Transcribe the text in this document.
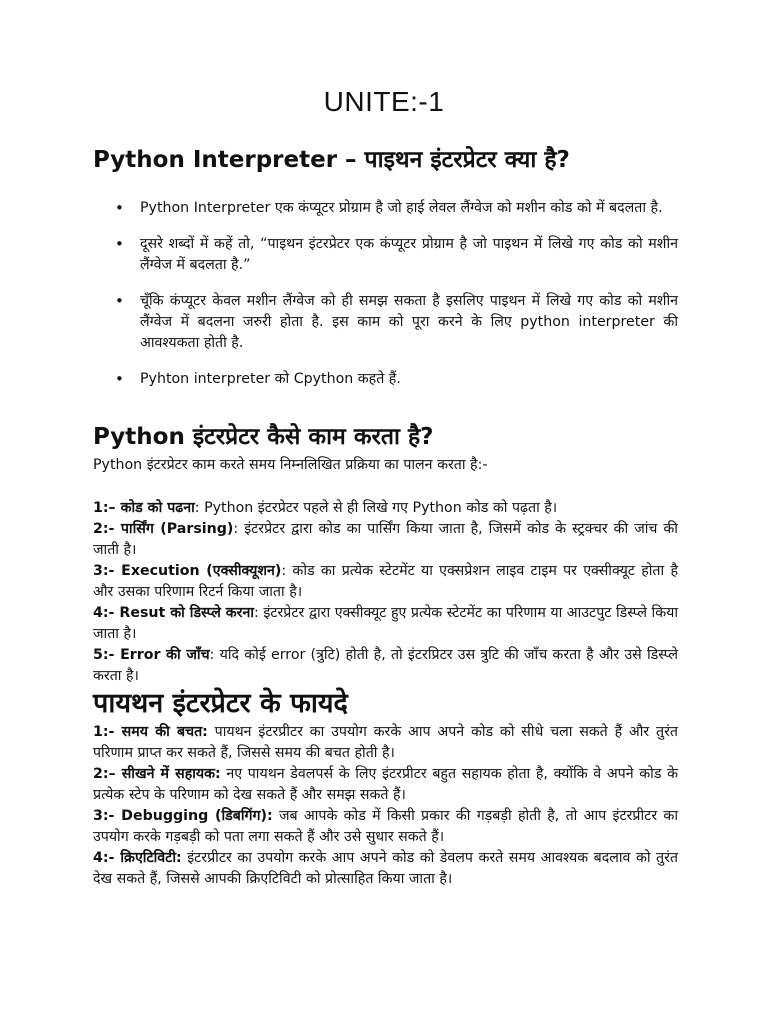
UNITE:-1
Python Interpreter – पाइथन इंटरप्रेटर क्या है?
• Python Interpreter एक कंप्यूटर प्रोग्राम है जो हाई लेवल लैंग्वेज को मशीन कोड को में बदलता है.
• दूसरे शब्दों में कहें तो, “पाइथन इंटरप्रेटर एक कंप्यूटर प्रोग्राम है जो पाइथन में लिखे गए कोड को मशीन लैंग्वेज में बदलता है.”
• चूँकि कंप्यूटर केवल मशीन लैंग्वेज को ही समझ सकता है इसलिए पाइथन में लिखे गए कोड को मशीन लैंग्वेज में बदलना जरुरी होता है. इस काम को पूरा करने के लिए python interpreter की आवश्यकता होती है.
• Pyhton interpreter को Cpython कहते हैं.
Python इंटरप्रेटर कैसे काम करता है?
Python इंटरप्रेटर काम करते समय निम्नलिखित प्रक्रिया का पालन करता है:-

1:– कोड को पढना: Python इंटरप्रेटर पहले से ही लिखे गए Python कोड को पढ़ता है।

2:- पार्सिंग (Parsing): इंटरप्रेटर द्वारा कोड का पार्सिंग किया जाता है, जिसमें कोड के स्ट्रक्चर की जांच की जाती है।

3:- Execution (एक्सीक्यूशन): कोड का प्रत्येक स्टेटमेंट या एक्सप्रेशन लाइव टाइम पर एक्सीक्यूट होता है और उसका परिणाम रिटर्न किया जाता है।

4:- Resut को डिस्प्ले करना: इंटरप्रेटर द्वारा एक्सीक्यूट हुए प्रत्येक स्टेटमेंट का परिणाम या आउटपुट डिस्प्ले किया जाता है।

5:- Error की जाँच: यदि कोई error (त्रुटि) होती है, तो इंटरप्रिटर उस त्रुटि की जाँच करता है और उसे डिस्प्ले करता है।

पायथन इंटरप्रेटर के फायदे

1:- समय की बचत: पायथन इंटरप्रीटर का उपयोग करके आप अपने कोड को सीधे चला सकते हैं और तुरंत परिणाम प्राप्त कर सकते हैं, जिससे समय की बचत होती है।

2:– सीखने में सहायक: नए पायथन डेवलपर्स के लिए इंटरप्रीटर बहुत सहायक होता है, क्योंकि वे अपने कोड के प्रत्येक स्टेप के परिणाम को देख सकते हैं और समझ सकते हैं।

3:- Debugging (डिबगिंग): जब आपके कोड में किसी प्रकार की गड़बड़ी होती है, तो आप इंटरप्रीटर का उपयोग करके गड़बड़ी को पता लगा सकते हैं और उसे सुधार सकते हैं।

4:- क्रिएटिविटी: इंटरप्रीटर का उपयोग करके आप अपने कोड को डेवलप करते समय आवश्यक बदलाव को तुरंत देख सकते हैं, जिससे आपकी क्रिएटिविटी को प्रोत्साहित किया जाता है।
